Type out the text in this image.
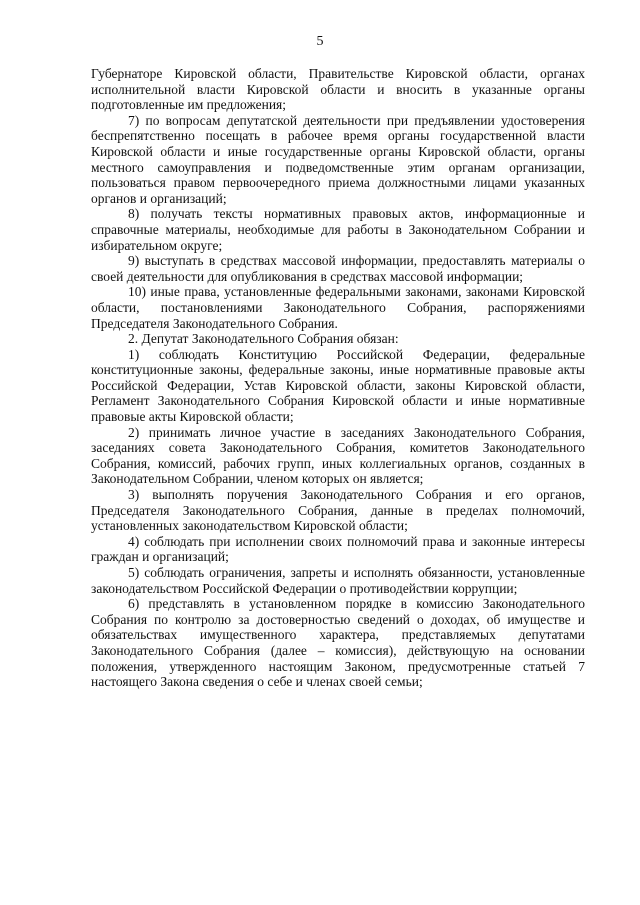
5

Губернаторе Кировской области, Правительстве Кировской области, органах исполнительной власти Кировской области и вносить в указанные органы подготовленные им предложения;

7) по вопросам депутатской деятельности при предъявлении удостоверения беспрепятственно посещать в рабочее время органы государственной власти Кировской области и иные государственные органы Кировской области, органы местного самоуправления и подведомственные этим органам организации, пользоваться правом первоочередного приема должностными лицами указанных органов и организаций;

8) получать тексты нормативных правовых актов, информационные и справочные материалы, необходимые для работы в Законодательном Собрании и избирательном округе;

9) выступать в средствах массовой информации, предоставлять материалы о своей деятельности для опубликования в средствах массовой информации;

10) иные права, установленные федеральными законами, законами Кировской области, постановлениями Законодательного Собрания, распоряжениями Председателя Законодательного Собрания.

2. Депутат Законодательного Собрания обязан:

1) соблюдать Конституцию Российской Федерации, федеральные конституционные законы, федеральные законы, иные нормативные правовые акты Российской Федерации, Устав Кировской области, законы Кировской области, Регламент Законодательного Собрания Кировской области и иные нормативные правовые акты Кировской области;

2) принимать личное участие в заседаниях Законодательного Собрания, заседаниях совета Законодательного Собрания, комитетов Законодательного Собрания, комиссий, рабочих групп, иных коллегиальных органов, созданных в Законодательном Собрании, членом которых он является;

3) выполнять поручения Законодательного Собрания и его органов, Председателя Законодательного Собрания, данные в пределах полномочий, установленных законодательством Кировской области;

4) соблюдать при исполнении своих полномочий права и законные интересы граждан и организаций;

5) соблюдать ограничения, запреты и исполнять обязанности, установленные законодательством Российской Федерации о противодействии коррупции;

6) представлять в установленном порядке в комиссию Законодательного Собрания по контролю за достоверностью сведений о доходах, об имуществе и обязательствах имущественного характера, представляемых депутатами Законодательного Собрания (далее – комиссия), действующую на основании положения, утвержденного настоящим Законом, предусмотренные статьей 7 настоящего Закона сведения о себе и членах своей семьи;
